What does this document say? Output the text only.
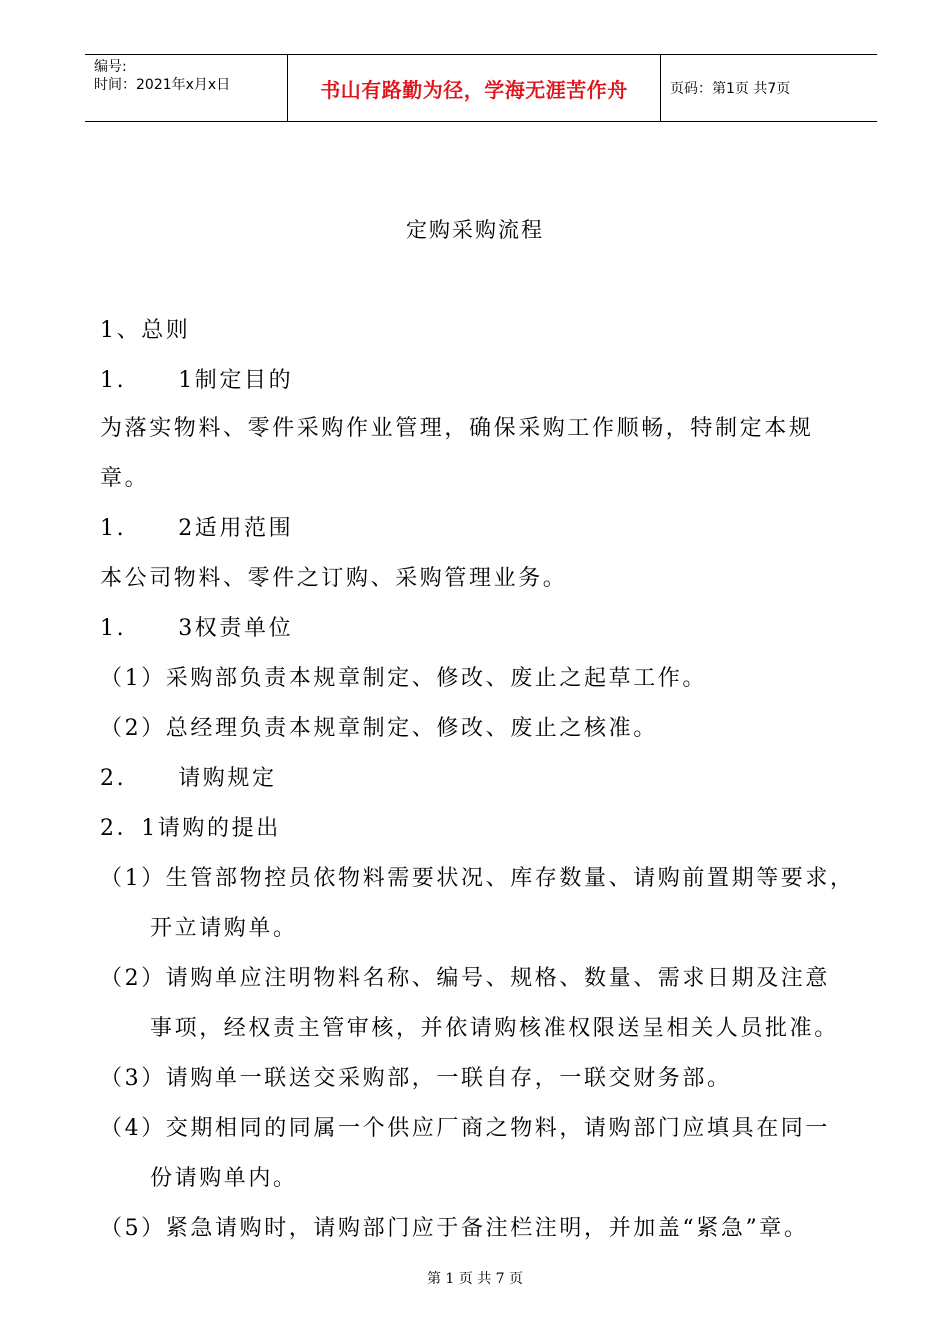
编号:
时间：2021年x月x日	书山有路勤为径，学海无涯苦作舟	页码：第1页 共7页
定购采购流程
1、总则
1. 1制定目的
为落实物料、零件采购作业管理，确保采购工作顺畅，特制定本规
章。
1. 2适用范围
本公司物料、零件之订购、采购管理业务。
1. 3权责单位
（1）采购部负责本规章制定、修改、废止之起草工作。
（2）总经理负责本规章制定、修改、废止之核准。
2. 请购规定
2．1请购的提出
（1）生管部物控员依物料需要状况、库存数量、请购前置期等要求，
开立请购单。
（2）请购单应注明物料名称、编号、规格、数量、需求日期及注意
事项，经权责主管审核，并依请购核准权限送呈相关人员批准。
（3）请购单一联送交采购部，一联自存，一联交财务部。
（4）交期相同的同属一个供应厂商之物料，请购部门应填具在同一
份请购单内。
（5）紧急请购时，请购部门应于备注栏注明，并加盖“紧急”章。
第 1 页 共 7 页
